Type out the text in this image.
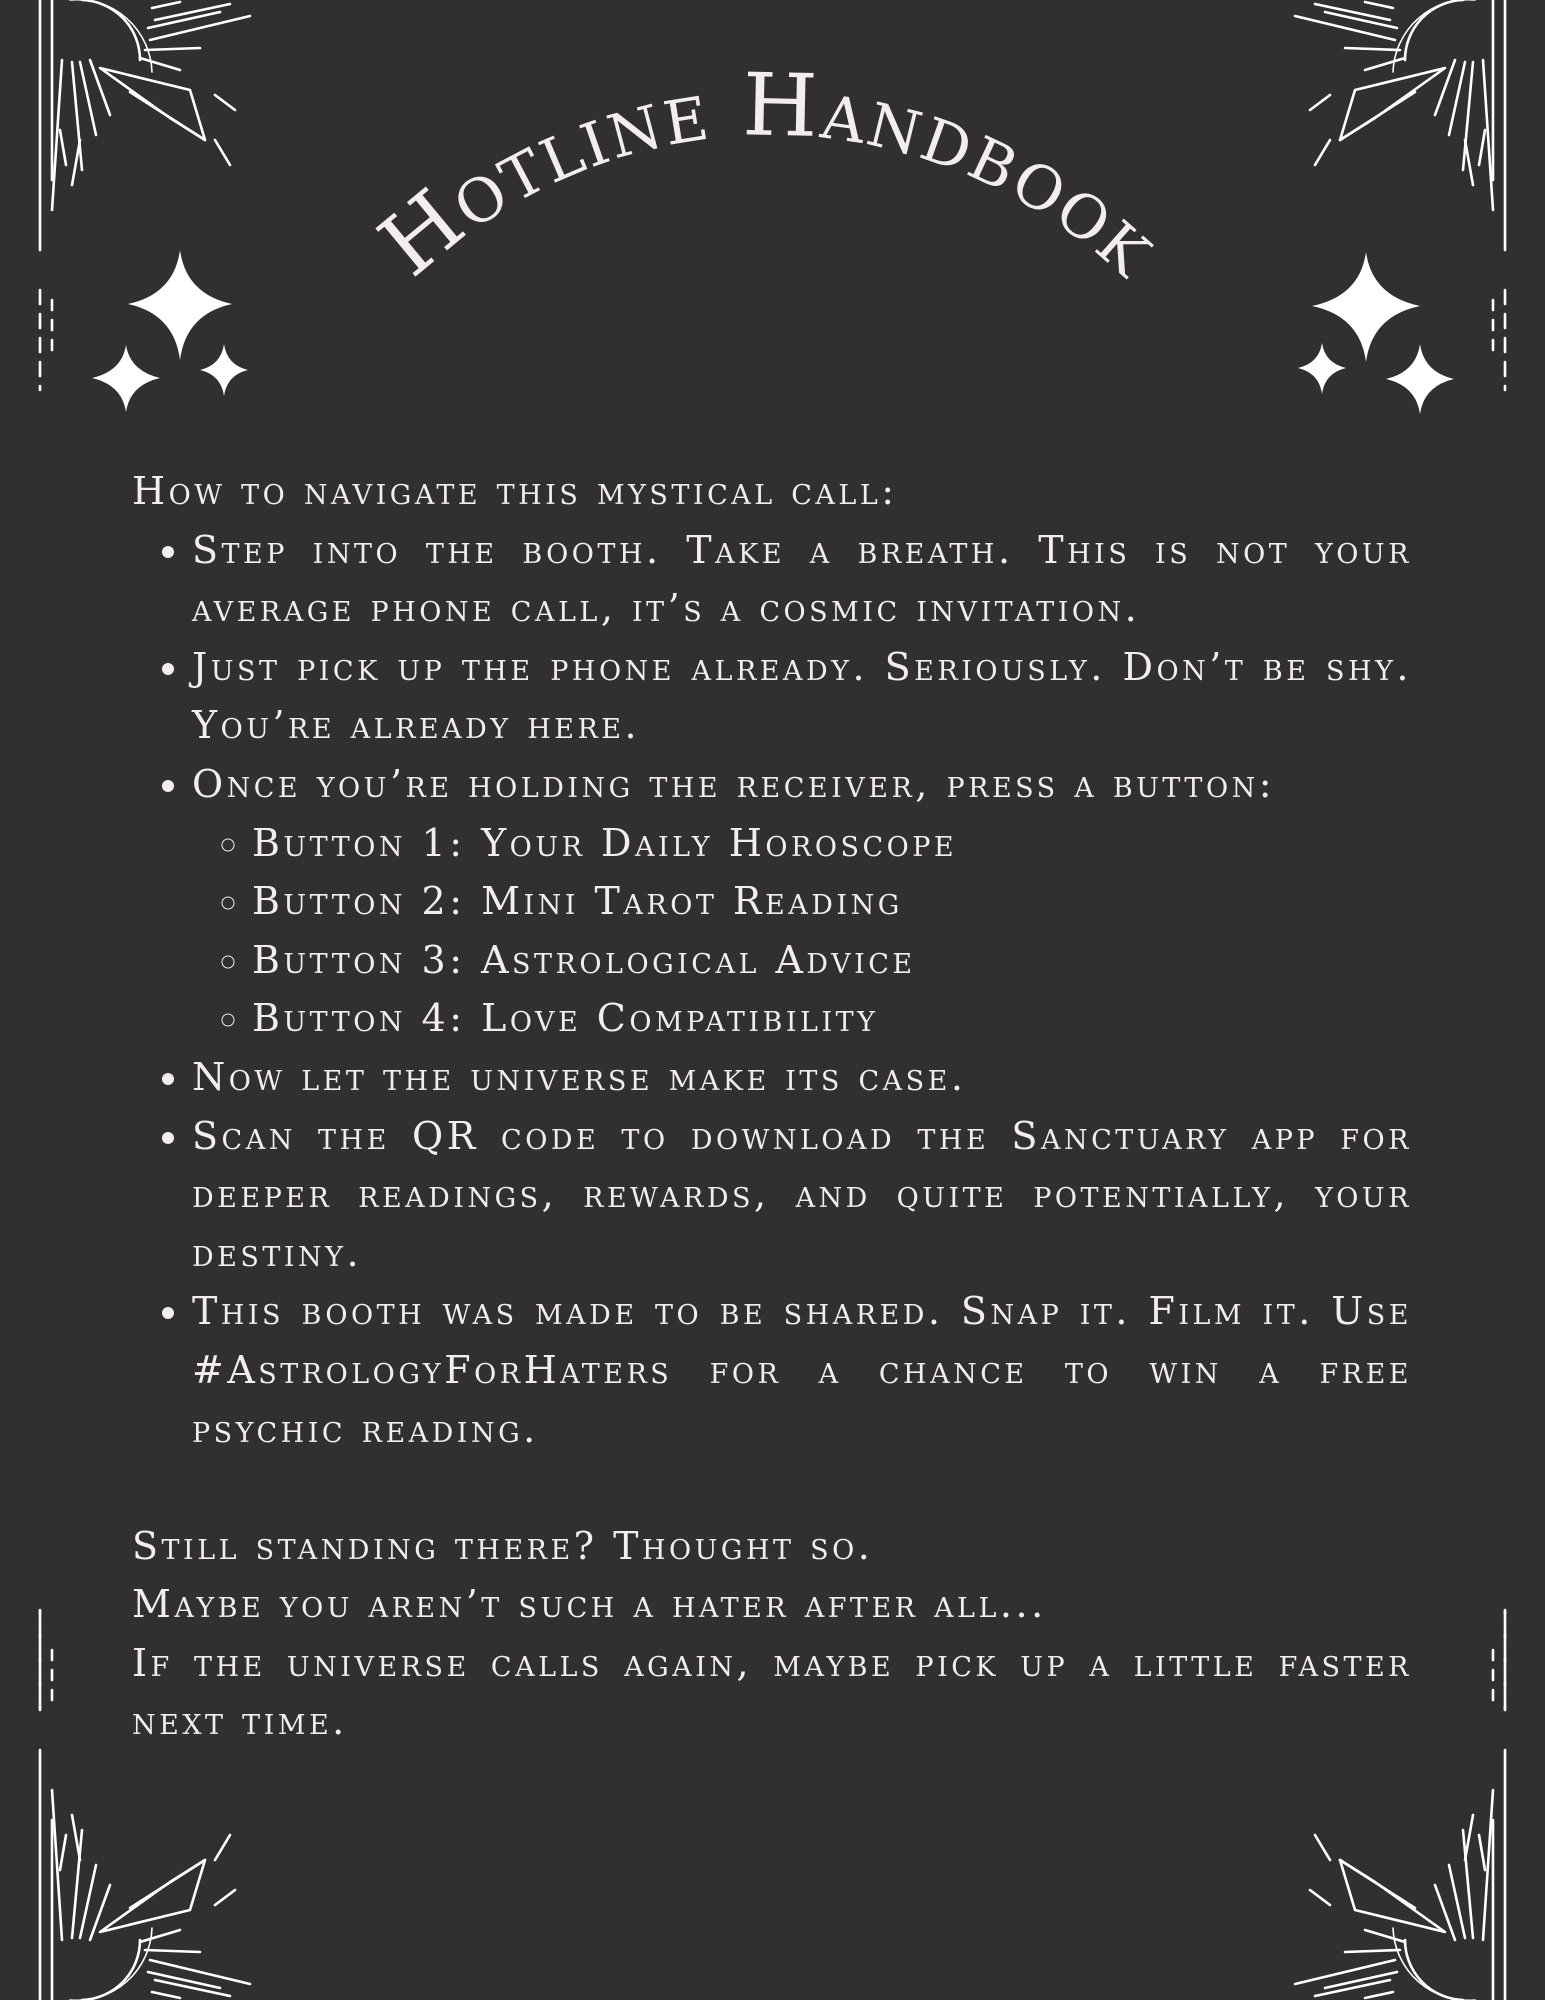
Hotline Handbook

How to navigate this mystical call:

• Step into the booth. Take a breath. This is not your average phone call, it’s a cosmic invitation.
• Just pick up the phone already. Seriously. Don’t be shy. You’re already here.
• Once you’re holding the receiver, press a button:
◦ Button 1: Your Daily Horoscope
◦ Button 2: Mini Tarot Reading
◦ Button 3: Astrological Advice
◦ Button 4: Love Compatibility
• Now let the universe make its case.
• Scan the QR code to download the Sanctuary app for deeper readings, rewards, and quite potentially, your destiny.
• This booth was made to be shared. Snap it. Film it. Use #AstrologyForHaters for a chance to win a free psychic reading.

Still standing there? Thought so.

Maybe you aren’t such a hater after all...

If the universe calls again, maybe pick up a little faster next time.
